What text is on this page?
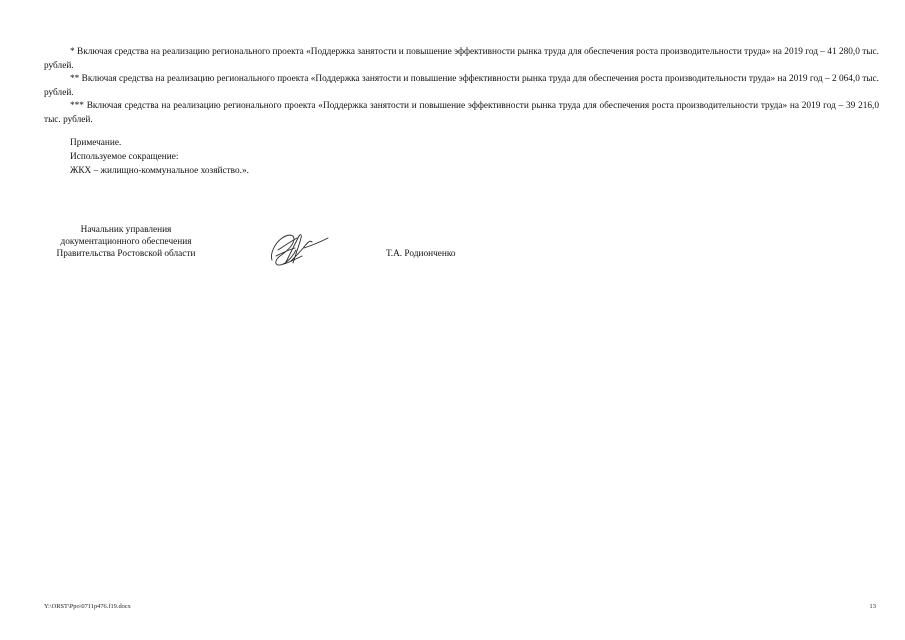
* Включая средства на реализацию регионального проекта «Поддержка занятости и повышение эффективности рынка труда для обеспечения роста производительности труда» на 2019 год – 41 280,0 тыс. рублей.

** Включая средства на реализацию регионального проекта «Поддержка занятости и повышение эффективности рынка труда для обеспечения роста производительности труда» на 2019 год – 2 064,0 тыс. рублей.

*** Включая средства на реализацию регионального проекта «Поддержка занятости и повышение эффективности рынка труда для обеспечения роста производительности труда» на 2019 год – 39 216,0 тыс. рублей.

Примечание.
Используемое сокращение:
ЖКХ – жилищно-коммунальное хозяйство.».
Начальник управления
документационного обеспечения
Правительства Ростовской области	Т.А. Родионченко
Y:\ORST\Ppo\0711p476.f19.docx	13
